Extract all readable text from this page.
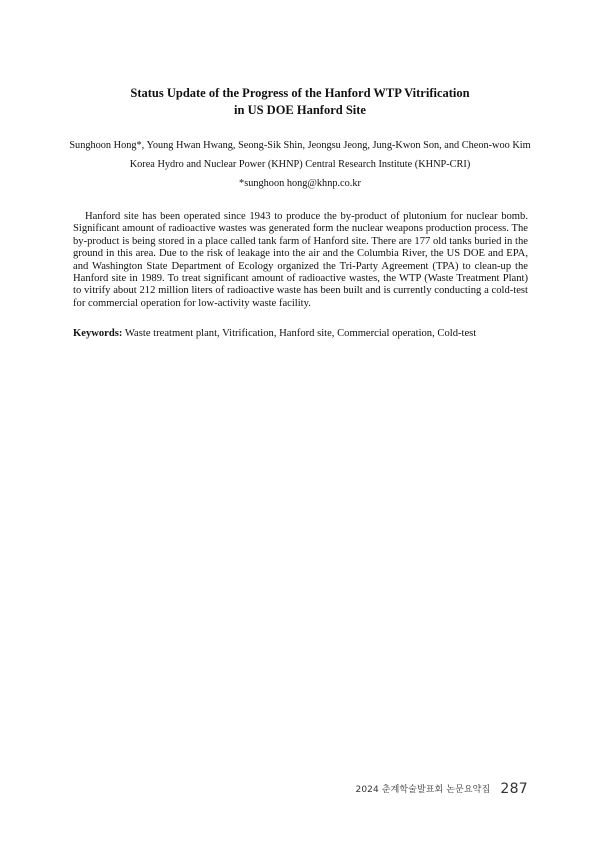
Status Update of the Progress of the Hanford WTP Vitrification
in US DOE Hanford Site
Sunghoon Hong*, Young Hwan Hwang, Seong-Sik Shin, Jeongsu Jeong, Jung-Kwon Son, and Cheon-woo Kim
Korea Hydro and Nuclear Power (KHNP) Central Research Institute (KHNP-CRI)
*sunghoon hong@khnp.co.kr

Hanford site has been operated since 1943 to produce the by-product of plutonium for nuclear bomb. Significant amount of radioactive wastes was generated form the nuclear weapons production process. The by-product is being stored in a place called tank farm of Hanford site. There are 177 old tanks buried in the ground in this area. Due to the risk of leakage into the air and the Columbia River, the US DOE and EPA, and Washington State Department of Ecology organized the Tri-Party Agreement (TPA) to clean-up the Hanford site in 1989. To treat significant amount of radioactive wastes, the WTP (Waste Treatment Plant) to vitrify about 212 million liters of radioactive waste has been built and is currently conducting a cold-test for commercial operation for low-activity waste facility.

Keywords: Waste treatment plant, Vitrification, Hanford site, Commercial operation, Cold-test
2024 춘계학술발표회 논문요약집 287
